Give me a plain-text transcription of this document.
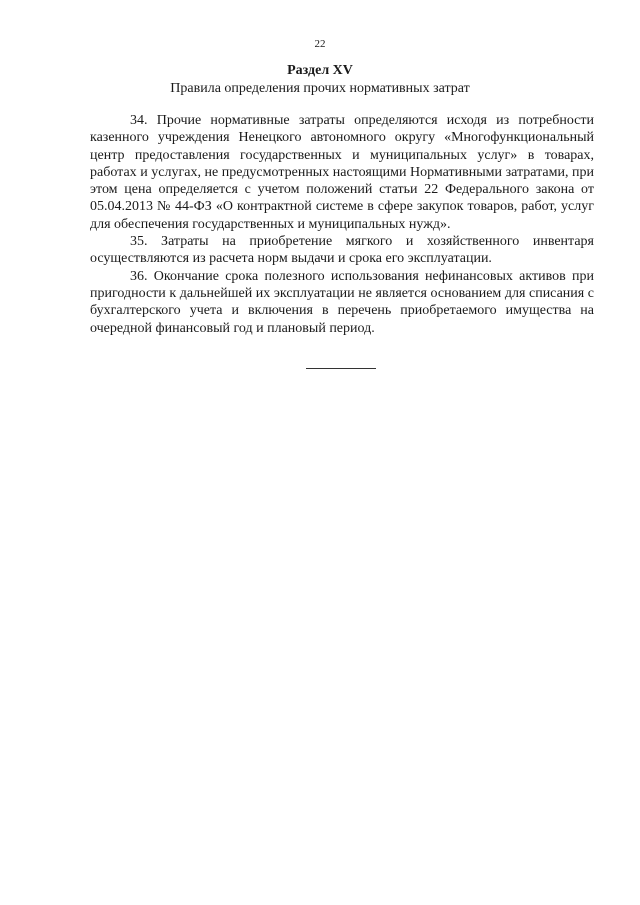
22
Раздел XV
Правила определения прочих нормативных затрат

34. Прочие нормативные затраты определяются исходя из потребности казенного учреждения Ненецкого автономного округу «Многофункциональный центр предоставления государственных и муниципальных услуг» в товарах, работах и услугах, не предусмотренных настоящими Нормативными затратами, при этом цена определяется с учетом положений статьи 22 Федерального закона от 05.04.2013 № 44-ФЗ «О контрактной системе в сфере закупок товаров, работ, услуг для обеспечения государственных и муниципальных нужд».

35. Затраты на приобретение мягкого и хозяйственного инвентаря осуществляются из расчета норм выдачи и срока его эксплуатации.

36. Окончание срока полезного использования нефинансовых активов при пригодности к дальнейшей их эксплуатации не является основанием для списания с бухгалтерского учета и включения в перечень приобретаемого имущества на очередной финансовый год и плановый период.
